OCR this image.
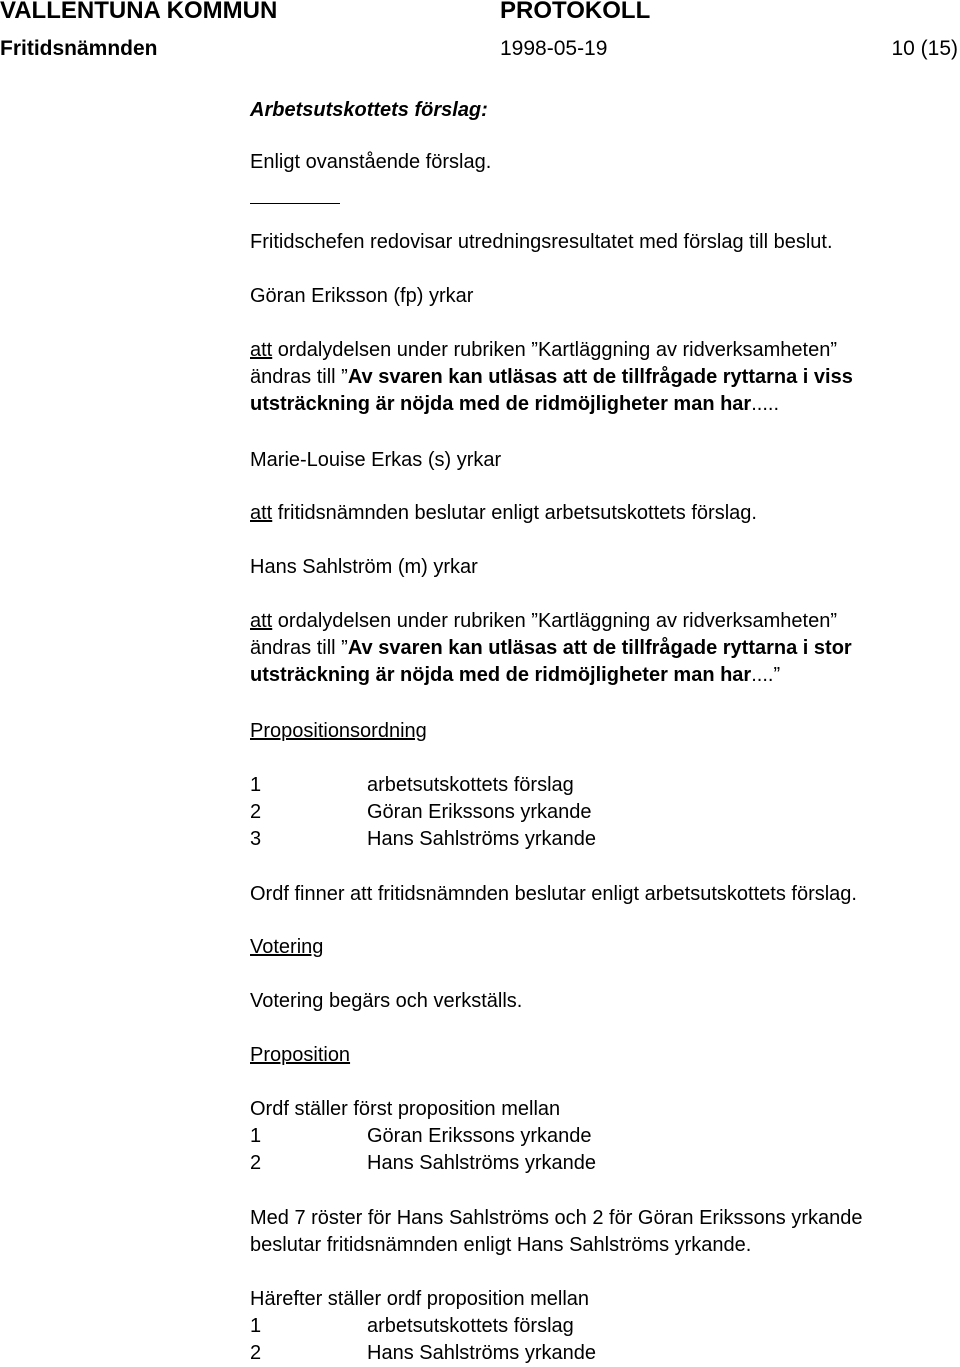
VALLENTUNA KOMMUN	PROTOKOLL
Fritidsnämnden	1998-05-19	10 (15)
Arbetsutskottets förslag:
Enligt ovanstående förslag.
Fritidschefen redovisar utredningsresultatet med förslag till beslut.
Göran Eriksson (fp) yrkar
att ordalydelsen under rubriken ”Kartläggning av ridverksamheten”
ändras till ”Av svaren kan utläsas att de tillfrågade ryttarna i viss
utsträckning är nöjda med de ridmöjligheter man har.....
Marie-Louise Erkas (s) yrkar
att fritidsnämnden beslutar enligt arbetsutskottets förslag.
Hans Sahlström (m) yrkar
att ordalydelsen under rubriken ”Kartläggning av ridverksamheten”
ändras till ”Av svaren kan utläsas att de tillfrågade ryttarna i stor
utsträckning är nöjda med de ridmöjligheter man har....”
Propositionsordning
1	arbetsutskottets förslag
2	Göran Erikssons yrkande
3	Hans Sahlströms yrkande
Ordf finner att fritidsnämnden beslutar enligt arbetsutskottets förslag.
Votering
Votering begärs och verkställs.
Proposition
Ordf ställer först proposition mellan
1	Göran Erikssons yrkande
2	Hans Sahlströms yrkande
Med 7 röster för Hans Sahlströms och 2 för Göran Erikssons yrkande
beslutar fritidsnämnden enligt Hans Sahlströms yrkande.
Härefter ställer ordf proposition mellan
1	arbetsutskottets förslag
2	Hans Sahlströms yrkande
